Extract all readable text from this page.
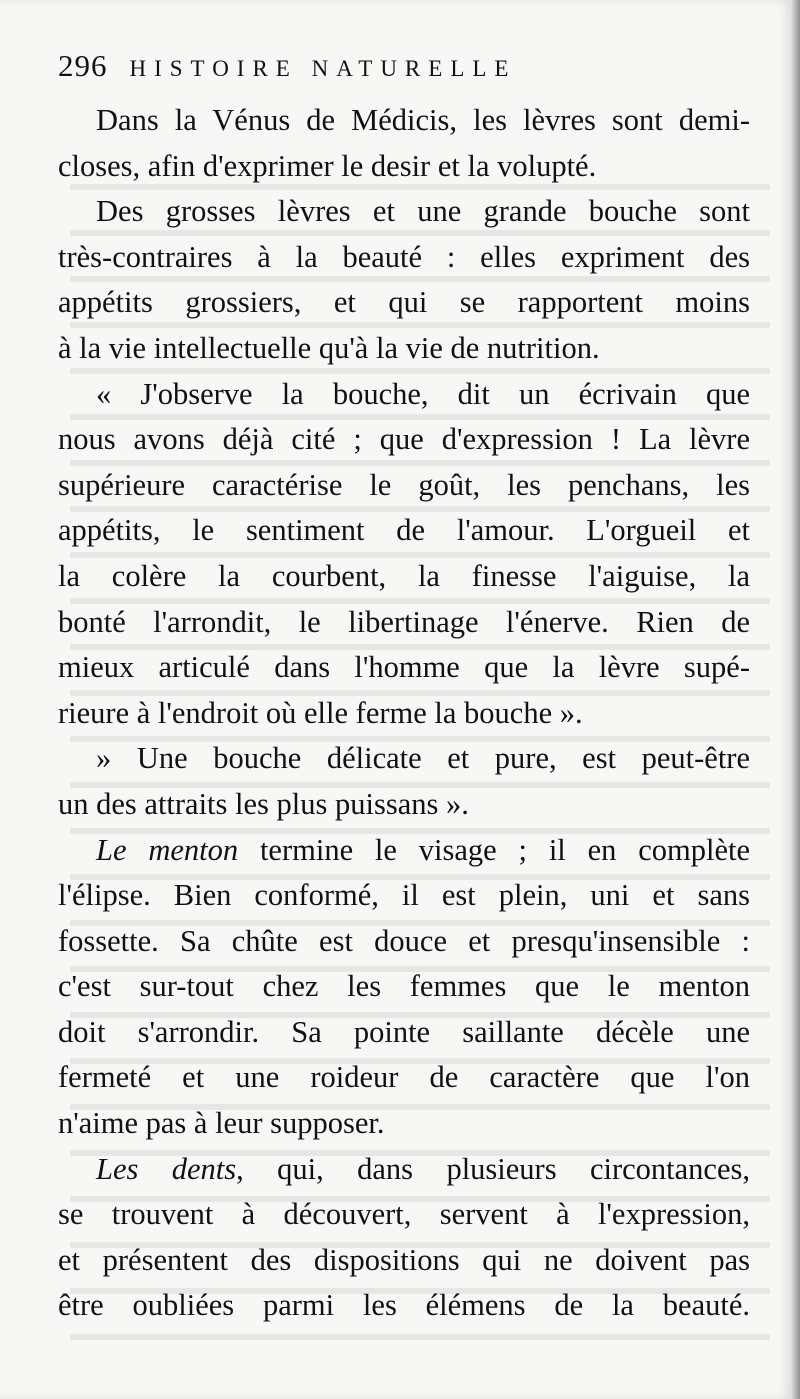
296 HISTOIRE NATURELLE
Dans la Vénus de Médicis, les lèvres sont demi-
closes, afin d'exprimer le desir et la volupté.
Des grosses lèvres et une grande bouche sont
très-contraires à la beauté : elles expriment des
appétits grossiers, et qui se rapportent moins
à la vie intellectuelle qu'à la vie de nutrition.
« J'observe la bouche, dit un écrivain que
nous avons déjà cité ; que d'expression ! La lèvre
supérieure caractérise le goût, les penchans, les
appétits, le sentiment de l'amour. L'orgueil et
la colère la courbent, la finesse l'aiguise, la
bonté l'arrondit, le libertinage l'énerve. Rien de
mieux articulé dans l'homme que la lèvre supé-
rieure à l'endroit où elle ferme la bouche ».
» Une bouche délicate et pure, est peut-être
un des attraits les plus puissans ».
Le menton termine le visage ; il en complète
l'élipse. Bien conformé, il est plein, uni et sans
fossette. Sa chûte est douce et presqu'insensible :
c'est sur-tout chez les femmes que le menton
doit s'arrondir. Sa pointe saillante décèle une
fermeté et une roideur de caractère que l'on
n'aime pas à leur supposer.
Les dents, qui, dans plusieurs circontances,
se trouvent à découvert, servent à l'expression,
et présentent des dispositions qui ne doivent pas
être oubliées parmi les élémens de la beauté.
